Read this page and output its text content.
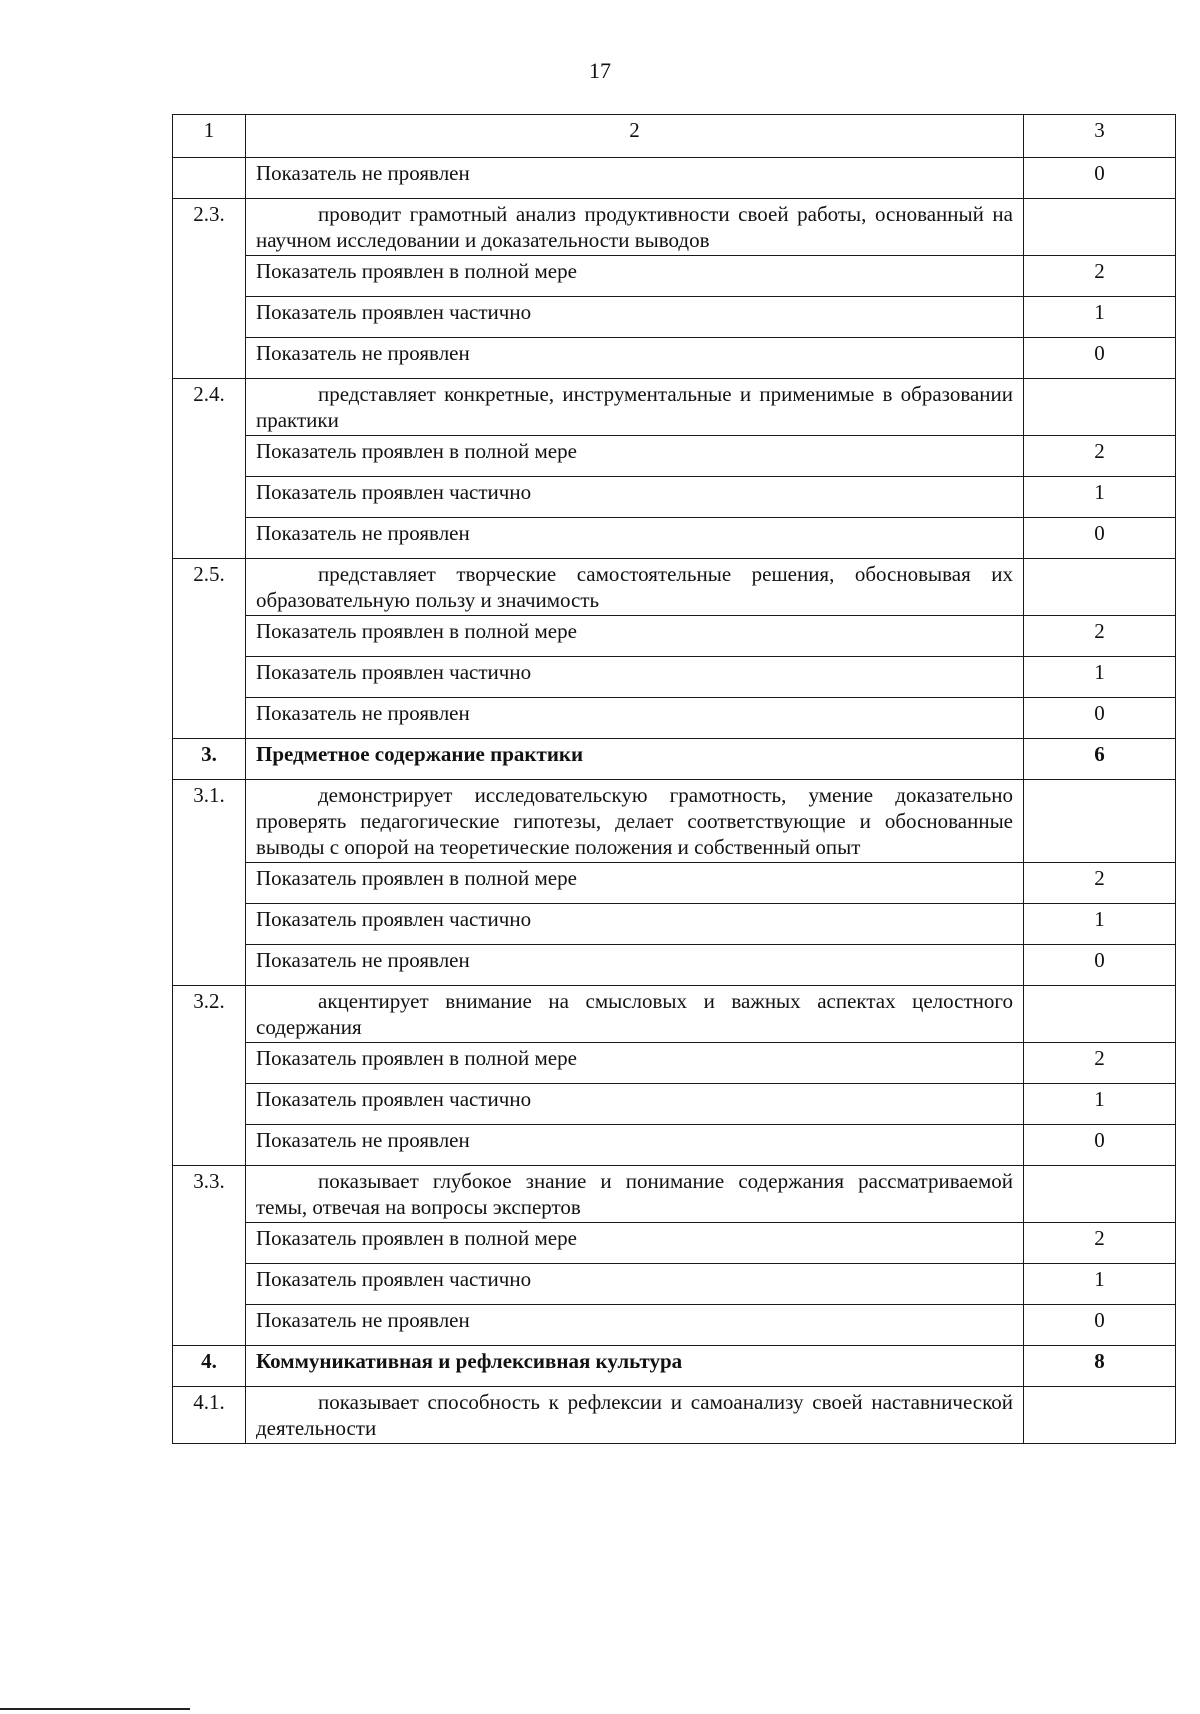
17
1	2	3
	Показатель не проявлен	0
2.3.	проводит грамотный анализ продуктивности своей работы, основанный на научном исследовании и доказательности выводов	
	Показатель проявлен в полной мере	2
	Показатель проявлен частично	1
	Показатель не проявлен	0
2.4.	представляет конкретные, инструментальные и применимые в образовании практики	
	Показатель проявлен в полной мере	2
	Показатель проявлен частично	1
	Показатель не проявлен	0
2.5.	представляет творческие самостоятельные решения, обосновывая их образовательную пользу и значимость	
	Показатель проявлен в полной мере	2
	Показатель проявлен частично	1
	Показатель не проявлен	0
3.	Предметное содержание практики	6
3.1.	демонстрирует исследовательскую грамотность, умение доказательно проверять педагогические гипотезы, делает соответствующие и обоснованные выводы с опорой на теоретические положения и собственный опыт	
	Показатель проявлен в полной мере	2
	Показатель проявлен частично	1
	Показатель не проявлен	0
3.2.	акцентирует внимание на смысловых и важных аспектах целостного содержания	
	Показатель проявлен в полной мере	2
	Показатель проявлен частично	1
	Показатель не проявлен	0
3.3.	показывает глубокое знание и понимание содержания рассматриваемой темы, отвечая на вопросы экспертов	
	Показатель проявлен в полной мере	2
	Показатель проявлен частично	1
	Показатель не проявлен	0
4.	Коммуникативная и рефлексивная культура	8
4.1.	показывает способность к рефлексии и самоанализу своей наставнической деятельности	
